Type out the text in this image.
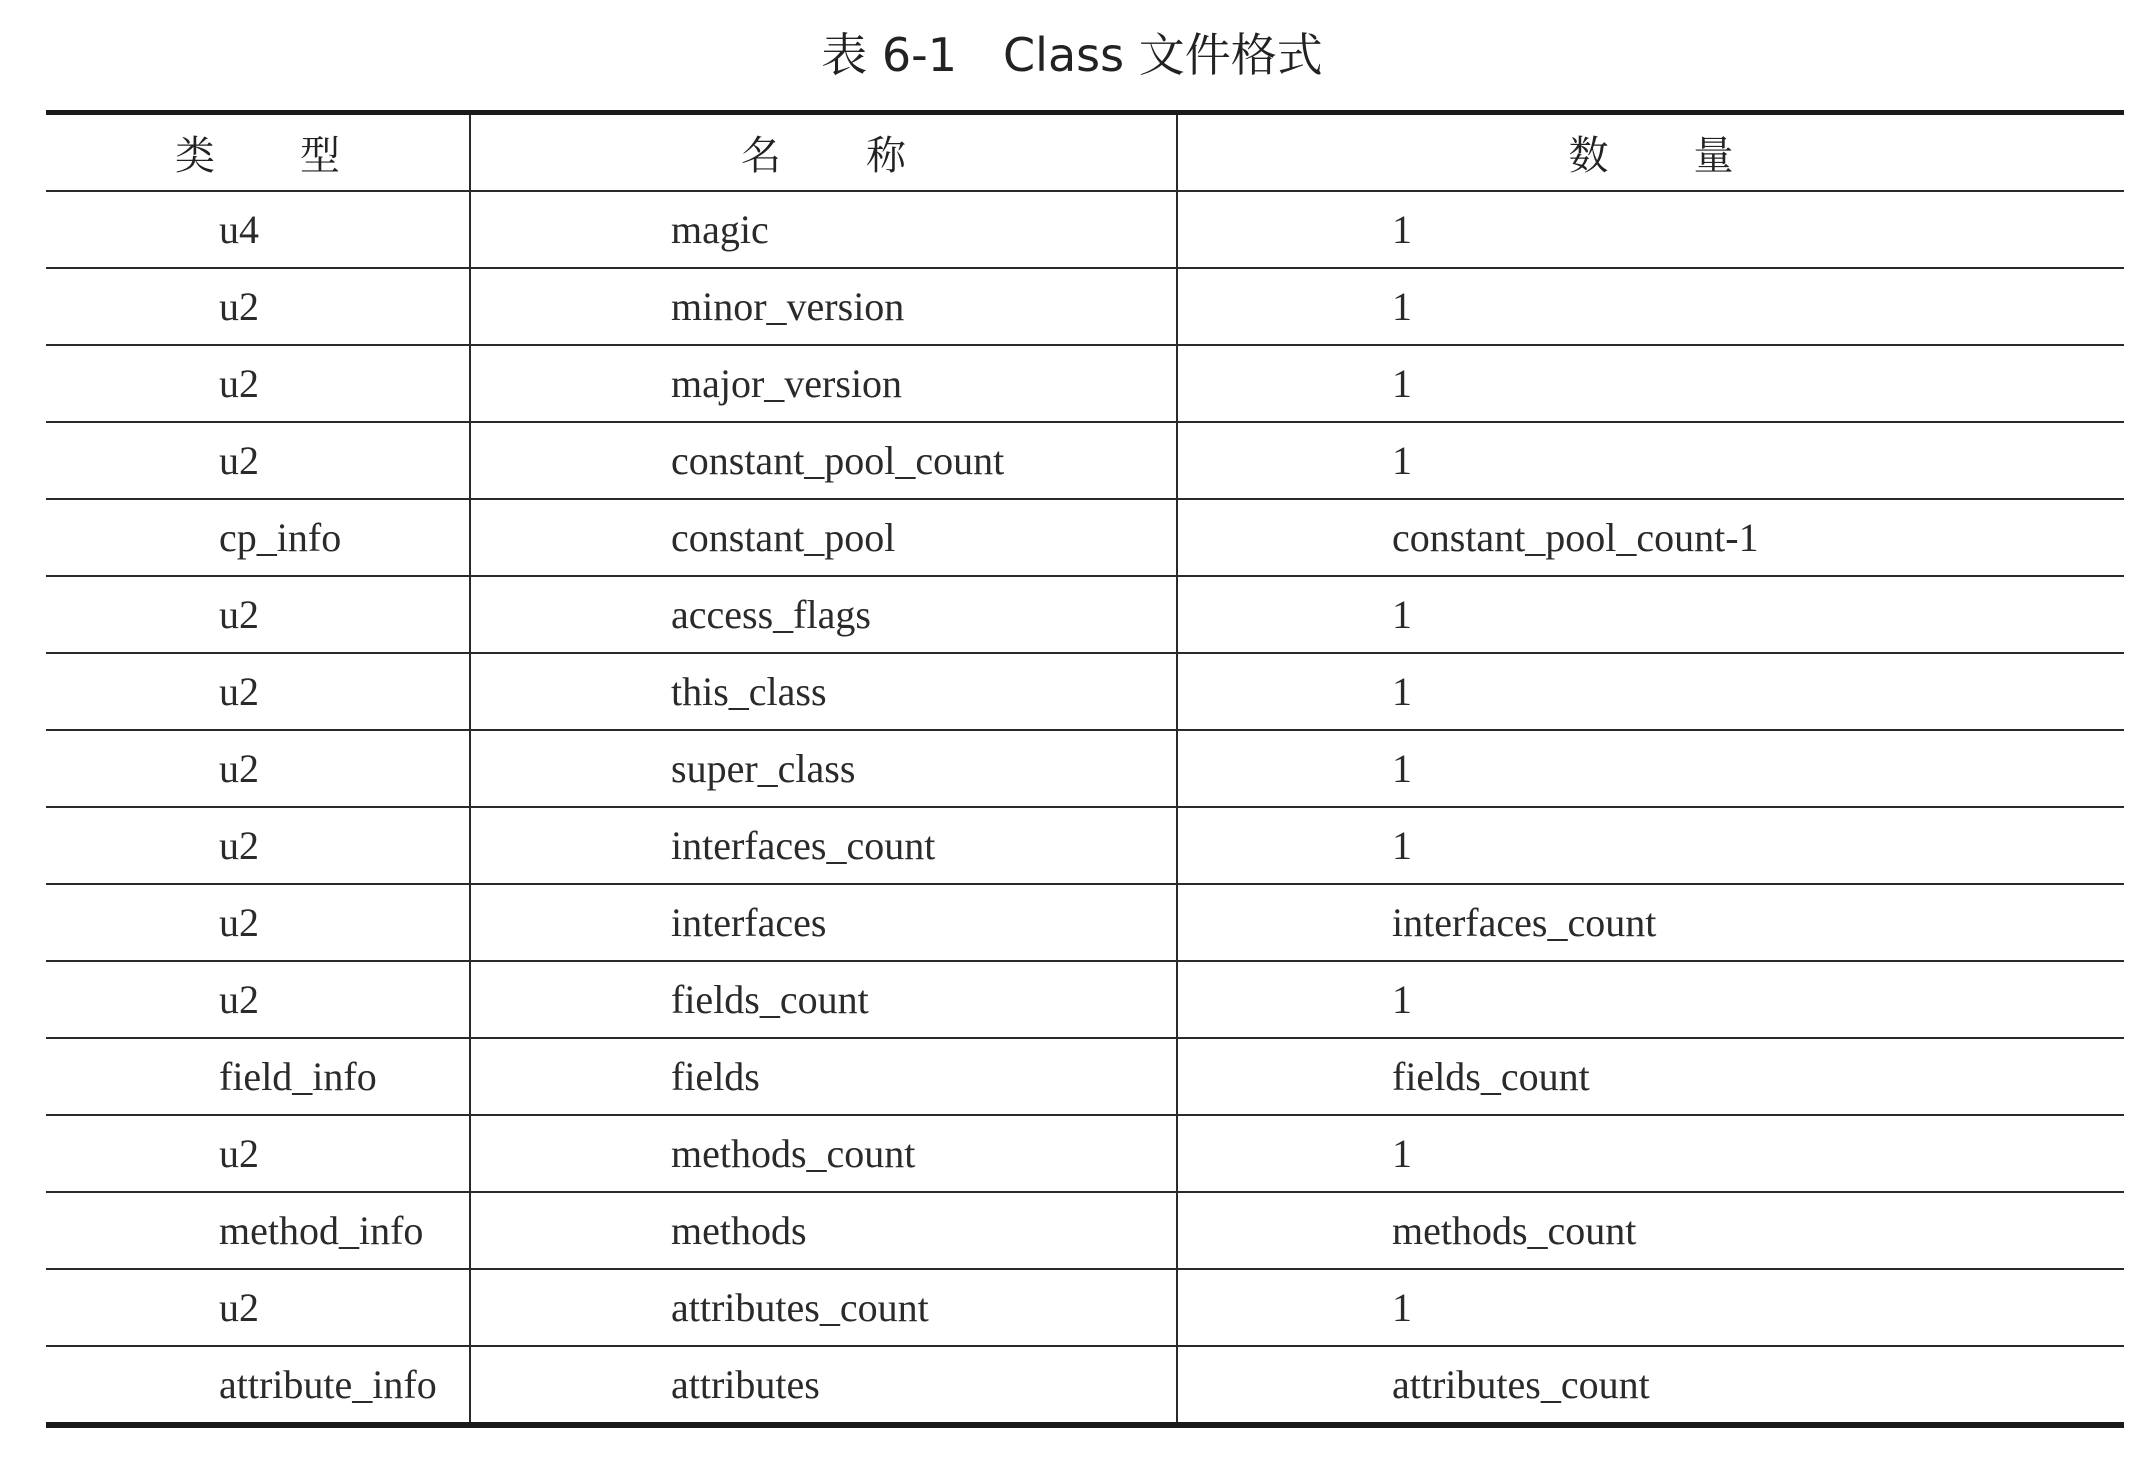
表 6-1 Class 文件格式
类型	名称	数量
u4	magic	1
u2	minor_version	1
u2	major_version	1
u2	constant_pool_count	1
cp_info	constant_pool	constant_pool_count-1
u2	access_flags	1
u2	this_class	1
u2	super_class	1
u2	interfaces_count	1
u2	interfaces	interfaces_count
u2	fields_count	1
field_info	fields	fields_count
u2	methods_count	1
method_info	methods	methods_count
u2	attributes_count	1
attribute_info	attributes	attributes_count
